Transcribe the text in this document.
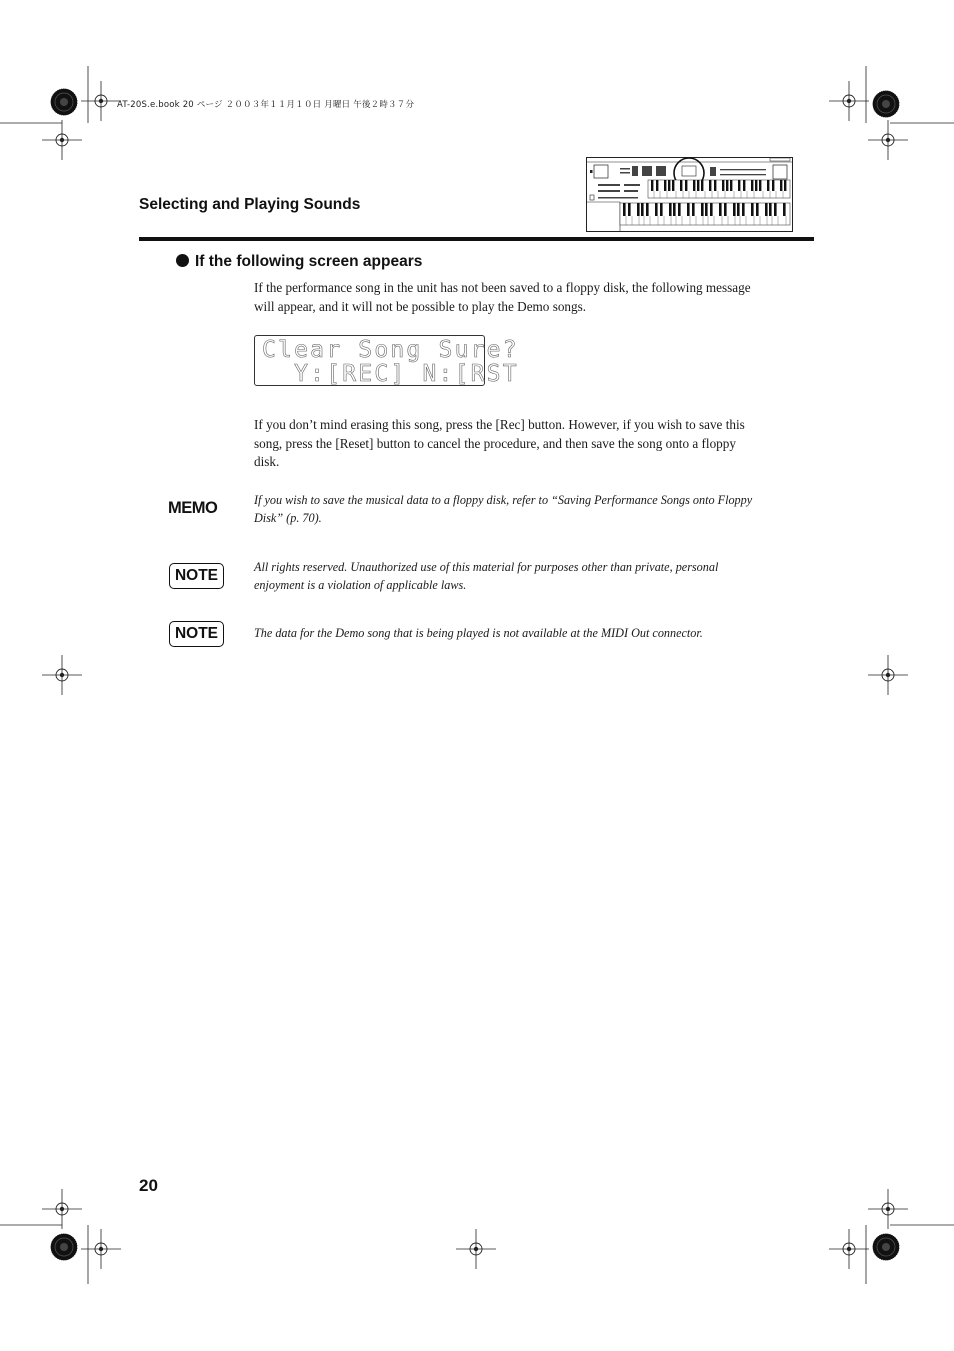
AT-20S.e.book 20 ページ ２００３年１１月１０日 月曜日 午後２時３７分
Selecting and Playing Sounds
If the following screen appears
If the performance song in the unit has not been saved to a floppy disk, the following message will appear, and it will not be possible to play the Demo songs.
Clear Song Sure?
Y:[REC] N:[RST
If you don’t mind erasing this song, press the [Rec] button. However, if you wish to save this song, press the [Reset] button to cancel the procedure, and then save the song onto a floppy disk.
MEMO	If you wish to save the musical data to a floppy disk, refer to “Saving Performance Songs onto Floppy Disk” (p. 70).
NOTE	All rights reserved. Unauthorized use of this material for purposes other than private, personal enjoyment is a violation of applicable laws.
NOTE	The data for the Demo song that is being played is not available at the MIDI Out connector.
20
